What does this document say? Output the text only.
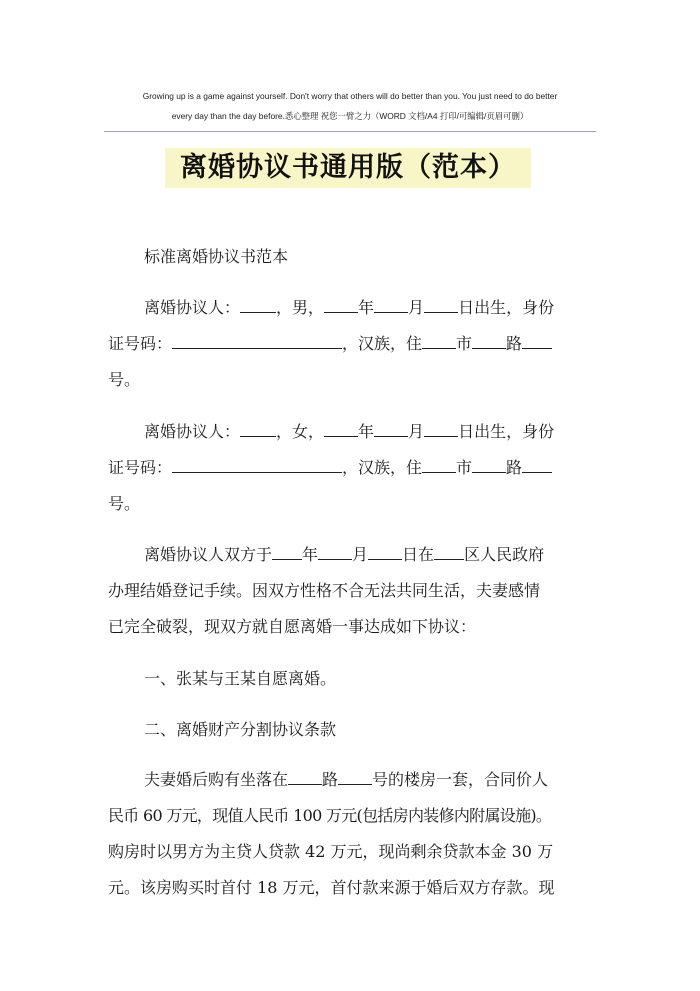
Growing up is a game against yourself. Don't worry that others will do better than you. You just need to do better
every day than the day before.悉心整理 祝您一臂之力（WORD 文档/A4 打印/可编辑/页眉可删）
离婚协议书通用版（范本）

标准离婚协议书范本

离婚协议人： ，男， 年 月 日出生，身份

证号码：	，汉族，住 市 路

号。

离婚协议人： ，女， 年 月 日出生，身份

证号码：	，汉族，住 市 路

号。

离婚协议人双方于 年 月 日在 区人民政府

办理结婚登记手续。因双方性格不合无法共同生活，夫妻感情

已完全破裂，现双方就自愿离婚一事达成如下协议：

一、张某与王某自愿离婚。

二、离婚财产分割协议条款

夫妻婚后购有坐落在 路 号的楼房一套，合同价人

民币 60 万元，现值人民币 100 万元(包括房内装修内附属设施)。

购房时以男方为主贷人贷款 42 万元，现尚剩余贷款本金 30 万

元。该房购买时首付 18 万元，首付款来源于婚后双方存款。现
